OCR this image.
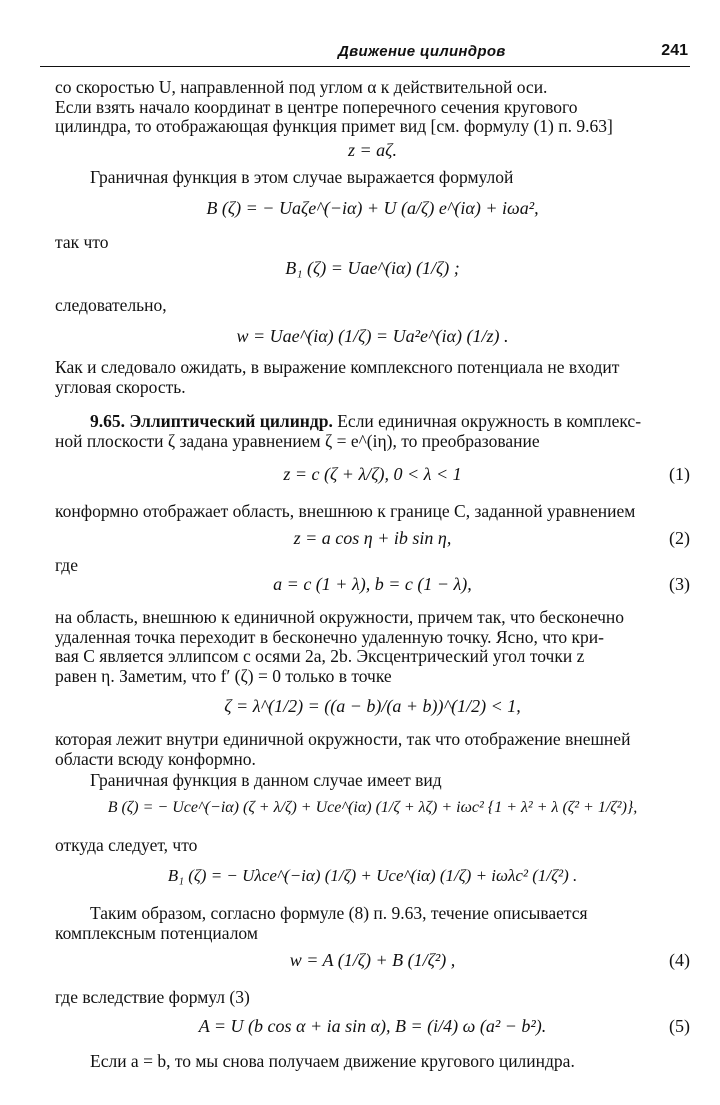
Движение цилиндров	241
со скоростью U, направленной под углом α к действительной оси.
Если взять начало координат в центре поперечного сечения кругового
цилиндра, то отображающая функция примет вид [см. формулу (1) п. 9.63]
z = aζ.
Граничная функция в этом случае выражается формулой
B (ζ) = − Uaζe^(−iα) + U (a/ζ) e^(iα) + iωa²,
так что
B₁ (ζ) = Uae^(iα) (1/ζ) ;
следовательно,
w = Uae^(iα) (1/ζ) = Ua²e^(iα) (1/z) .
Как и следовало ожидать, в выражение комплексного потенциала не входит
угловая скорость.
9.65. Эллиптический цилиндр. Если единичная окружность в комплекс-
ной плоскости ζ задана уравнением ζ = e^(iη), то преобразование
z = c (ζ + λ/ζ), 0 < λ < 1	(1)
конформно отображает область, внешнюю к границе C, заданной уравнением
z = a cos η + ib sin η,	(2)
где
a = c (1 + λ), b = c (1 − λ),	(3)
на область, внешнюю к единичной окружности, причем так, что бесконечно
удаленная точка переходит в бесконечно удаленную точку. Ясно, что кри-
вая C является эллипсом с осями 2a, 2b. Эксцентрический угол точки z
равен η. Заметим, что f′ (ζ) = 0 только в точке
ζ = λ^(1/2) = ((a − b)/(a + b))^(1/2) < 1,
которая лежит внутри единичной окружности, так что отображение внешней
области всюду конформно.
Граничная функция в данном случае имеет вид
B (ζ) = − Uce^(−iα) (ζ + λ/ζ) + Uce^(iα) (1/ζ + λζ) + iωc² {1 + λ² + λ (ζ² + 1/ζ²)},
откуда следует, что
B₁ (ζ) = − Uλce^(−iα) (1/ζ) + Uce^(iα) (1/ζ) + iωλc² (1/ζ²) .
Таким образом, согласно формуле (8) п. 9.63, течение описывается
комплексным потенциалом
w = A (1/ζ) + B (1/ζ²) ,	(4)
где вследствие формул (3)
A = U (b cos α + ia sin α), B = (i/4) ω (a² − b²).	(5)
Если a = b, то мы снова получаем движение кругового цилиндра.
